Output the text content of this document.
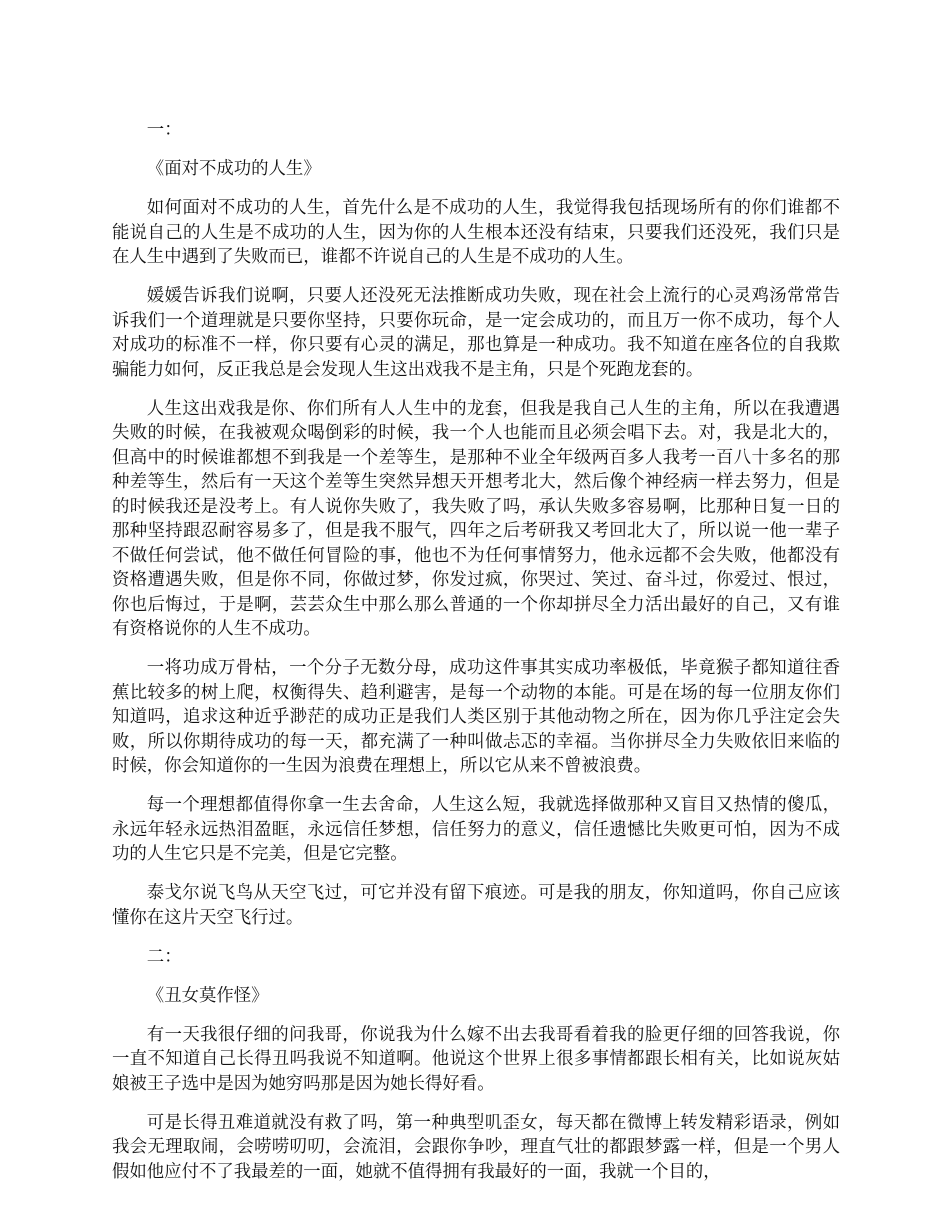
一：
《面对不成功的人生》
如何面对不成功的人生，首先什么是不成功的人生，我觉得我包括现场所有的你们谁都不能说自己的人生是不成功的人生，因为你的人生根本还没有结束，只要我们还没死，我们只是在人生中遇到了失败而已，谁都不许说自己的人生是不成功的人生。
媛媛告诉我们说啊，只要人还没死无法推断成功失败，现在社会上流行的心灵鸡汤常常告诉我们一个道理就是只要你坚持，只要你玩命，是一定会成功的，而且万一你不成功，每个人对成功的标准不一样，你只要有心灵的满足，那也算是一种成功。我不知道在座各位的自我欺骗能力如何，反正我总是会发现人生这出戏我不是主角，只是个死跑龙套的。
人生这出戏我是你、你们所有人人生中的龙套，但我是我自己人生的主角，所以在我遭遇失败的时候，在我被观众喝倒彩的时候，我一个人也能而且必须会唱下去。对，我是北大的，但高中的时候谁都想不到我是一个差等生，是那种不业全年级两百多人我考一百八十多名的那种差等生，然后有一天这个差等生突然异想天开想考北大，然后像个神经病一样去努力，但是的时候我还是没考上。有人说你失败了，我失败了吗，承认失败多容易啊，比那种日复一日的那种坚持跟忍耐容易多了，但是我不服气，四年之后考研我又考回北大了，所以说一他一辈子不做任何尝试，他不做任何冒险的事，他也不为任何事情努力，他永远都不会失败，他都没有资格遭遇失败，但是你不同，你做过梦，你发过疯，你哭过、笑过、奋斗过，你爱过、恨过，你也后悔过，于是啊，芸芸众生中那么那么普通的一个你却拼尽全力活出最好的自己，又有谁有资格说你的人生不成功。
一将功成万骨枯，一个分子无数分母，成功这件事其实成功率极低，毕竟猴子都知道往香蕉比较多的树上爬，权衡得失、趋利避害，是每一个动物的本能。可是在场的每一位朋友你们知道吗，追求这种近乎渺茫的成功正是我们人类区别于其他动物之所在，因为你几乎注定会失败，所以你期待成功的每一天，都充满了一种叫做忐忑的幸福。当你拼尽全力失败依旧来临的时候，你会知道你的一生因为浪费在理想上，所以它从来不曾被浪费。
每一个理想都值得你拿一生去舍命，人生这么短，我就选择做那种又盲目又热情的傻瓜，永远年轻永远热泪盈眶，永远信任梦想，信任努力的意义，信任遗憾比失败更可怕，因为不成功的人生它只是不完美，但是它完整。
泰戈尔说飞鸟从天空飞过，可它并没有留下痕迹。可是我的朋友，你知道吗，你自己应该懂你在这片天空飞行过。
二：
《丑女莫作怪》
有一天我很仔细的问我哥，你说我为什么嫁不出去我哥看着我的脸更仔细的回答我说，你一直不知道自己长得丑吗我说不知道啊。他说这个世界上很多事情都跟长相有关，比如说灰姑娘被王子选中是因为她穷吗那是因为她长得好看。
可是长得丑难道就没有救了吗，第一种典型叽歪女，每天都在微博上转发精彩语录，例如我会无理取闹，会唠唠叨叨，会流泪，会跟你争吵，理直气壮的都跟梦露一样，但是一个男人假如他应付不了我最差的一面，她就不值得拥有我最好的一面，我就一个目的，
